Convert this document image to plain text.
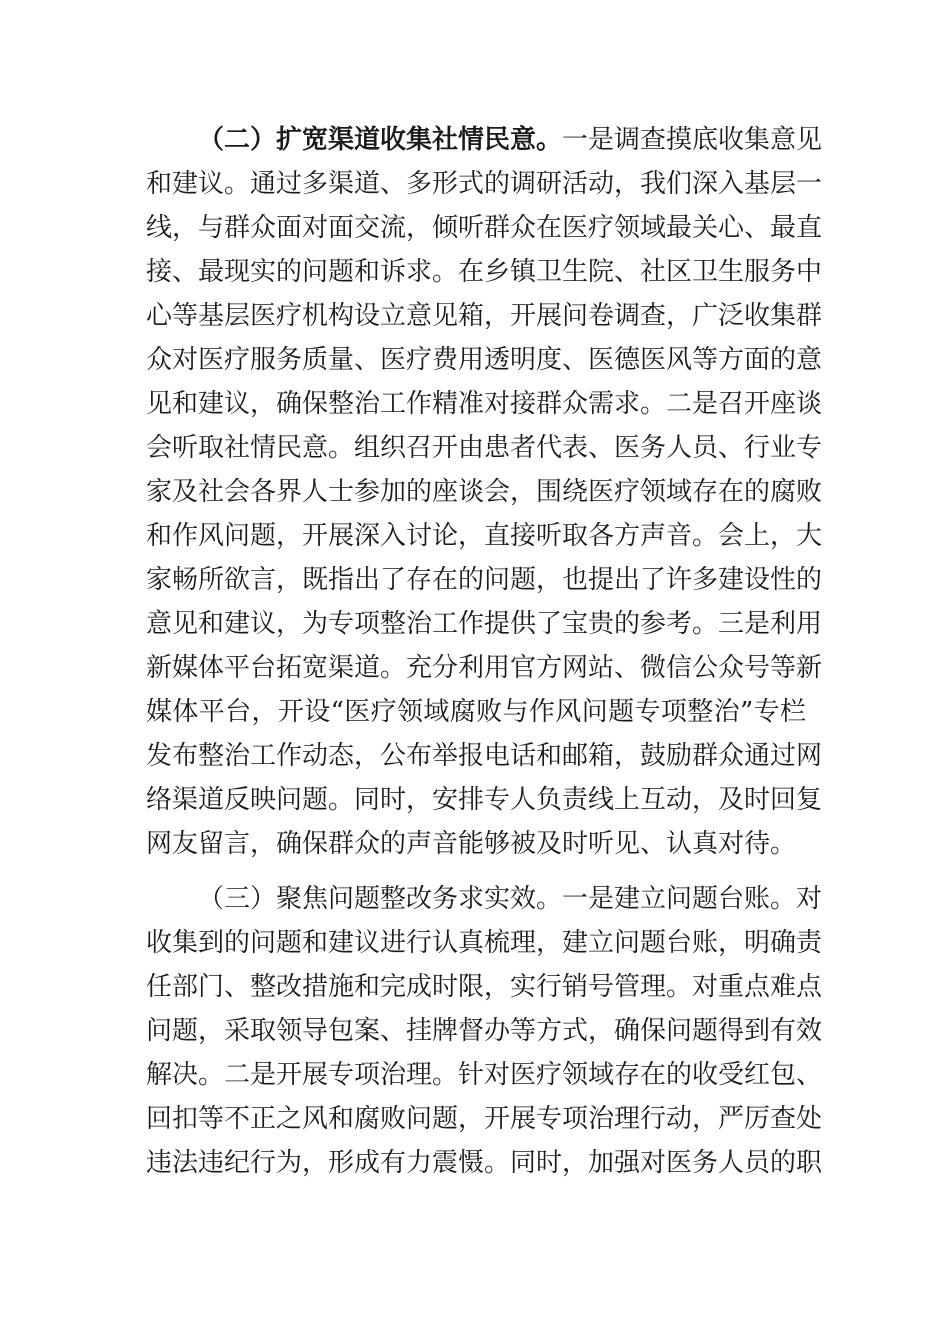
（二）扩宽渠道收集社情民意。一是调查摸底收集意见
和建议。通过多渠道、多形式的调研活动，我们深入基层一
线，与群众面对面交流，倾听群众在医疗领域最关心、最直
接、最现实的问题和诉求。在乡镇卫生院、社区卫生服务中
心等基层医疗机构设立意见箱，开展问卷调查，广泛收集群
众对医疗服务质量、医疗费用透明度、医德医风等方面的意
见和建议，确保整治工作精准对接群众需求。二是召开座谈
会听取社情民意。组织召开由患者代表、医务人员、行业专
家及社会各界人士参加的座谈会，围绕医疗领域存在的腐败
和作风问题，开展深入讨论，直接听取各方声音。会上，大
家畅所欲言，既指出了存在的问题，也提出了许多建设性的
意见和建议，为专项整治工作提供了宝贵的参考。三是利用
新媒体平台拓宽渠道。充分利用官方网站、微信公众号等新
媒体平台，开设“医疗领域腐败与作风问题专项整治”专栏
发布整治工作动态，公布举报电话和邮箱，鼓励群众通过网
络渠道反映问题。同时，安排专人负责线上互动，及时回复
网友留言，确保群众的声音能够被及时听见、认真对待。
（三）聚焦问题整改务求实效。一是建立问题台账。对
收集到的问题和建议进行认真梳理，建立问题台账，明确责
任部门、整改措施和完成时限，实行销号管理。对重点难点
问题，采取领导包案、挂牌督办等方式，确保问题得到有效
解决。二是开展专项治理。针对医疗领域存在的收受红包、
回扣等不正之风和腐败问题，开展专项治理行动，严厉查处
违法违纪行为，形成有力震慑。同时，加强对医务人员的职
